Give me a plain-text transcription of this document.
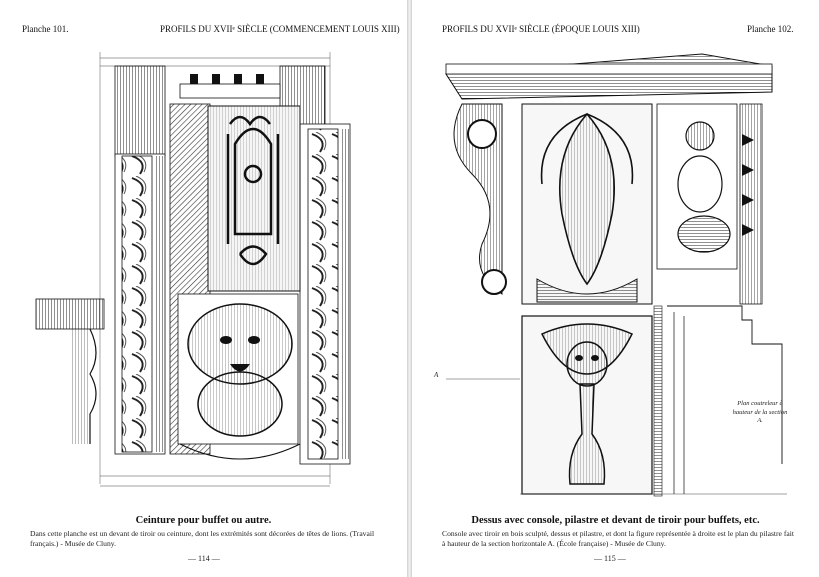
Planche 101.	PROFILS DU XVIIᵉ SIÈCLE (COMMENCEMENT LOUIS XIII)
Ceinture pour buffet ou autre.
Dans cette planche est un devant de tiroir ou ceinture, dont les extrémités sont décorées de têtes de lions. (Travail français.) - Musée de Cluny.
— 114 —
PROFILS DU XVIIᵉ SIÈCLE (ÉPOQUE LOUIS XIII)	Planche 102.
A
Plan coutreleur à hauteur de la section A.
Dessus avec console, pilastre et devant de tiroir pour buffets, etc.
Console avec tiroir en bois sculpté, dessus et pilastre, et dont la figure représentée à droite est le plan du pilastre fait à hauteur de la section horizontale A. (École française) - Musée de Cluny.
— 115 —
